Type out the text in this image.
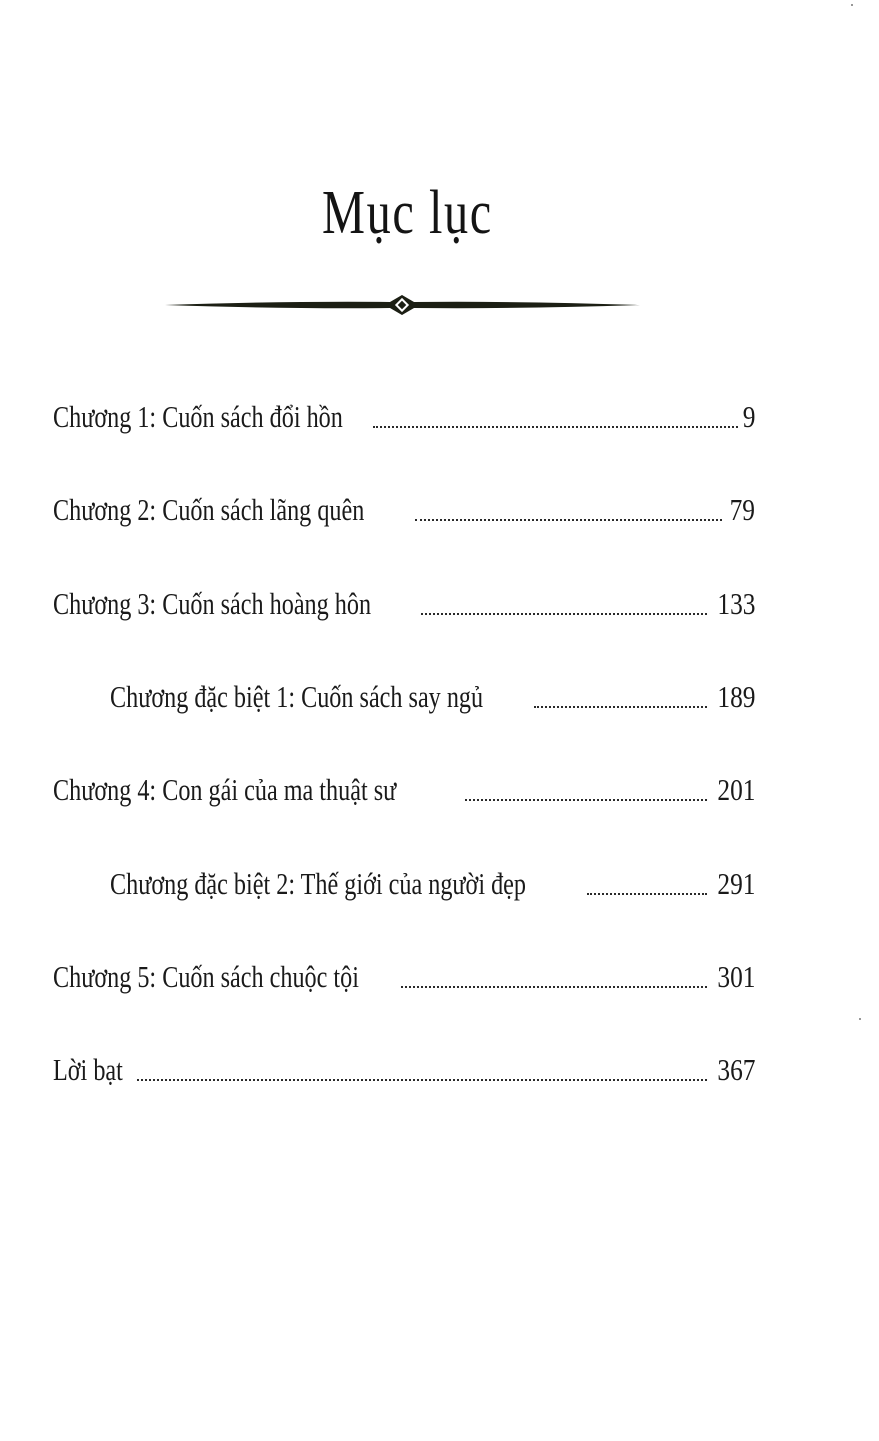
Mục lục
Chương 1: Cuốn sách đổi hồn	9
Chương 2: Cuốn sách lãng quên	79
Chương 3: Cuốn sách hoàng hôn	133
Chương đặc biệt 1: Cuốn sách say ngủ	189
Chương 4: Con gái của ma thuật sư	201
Chương đặc biệt 2: Thế giới của người đẹp	291
Chương 5: Cuốn sách chuộc tội	301
Lời bạt	367
